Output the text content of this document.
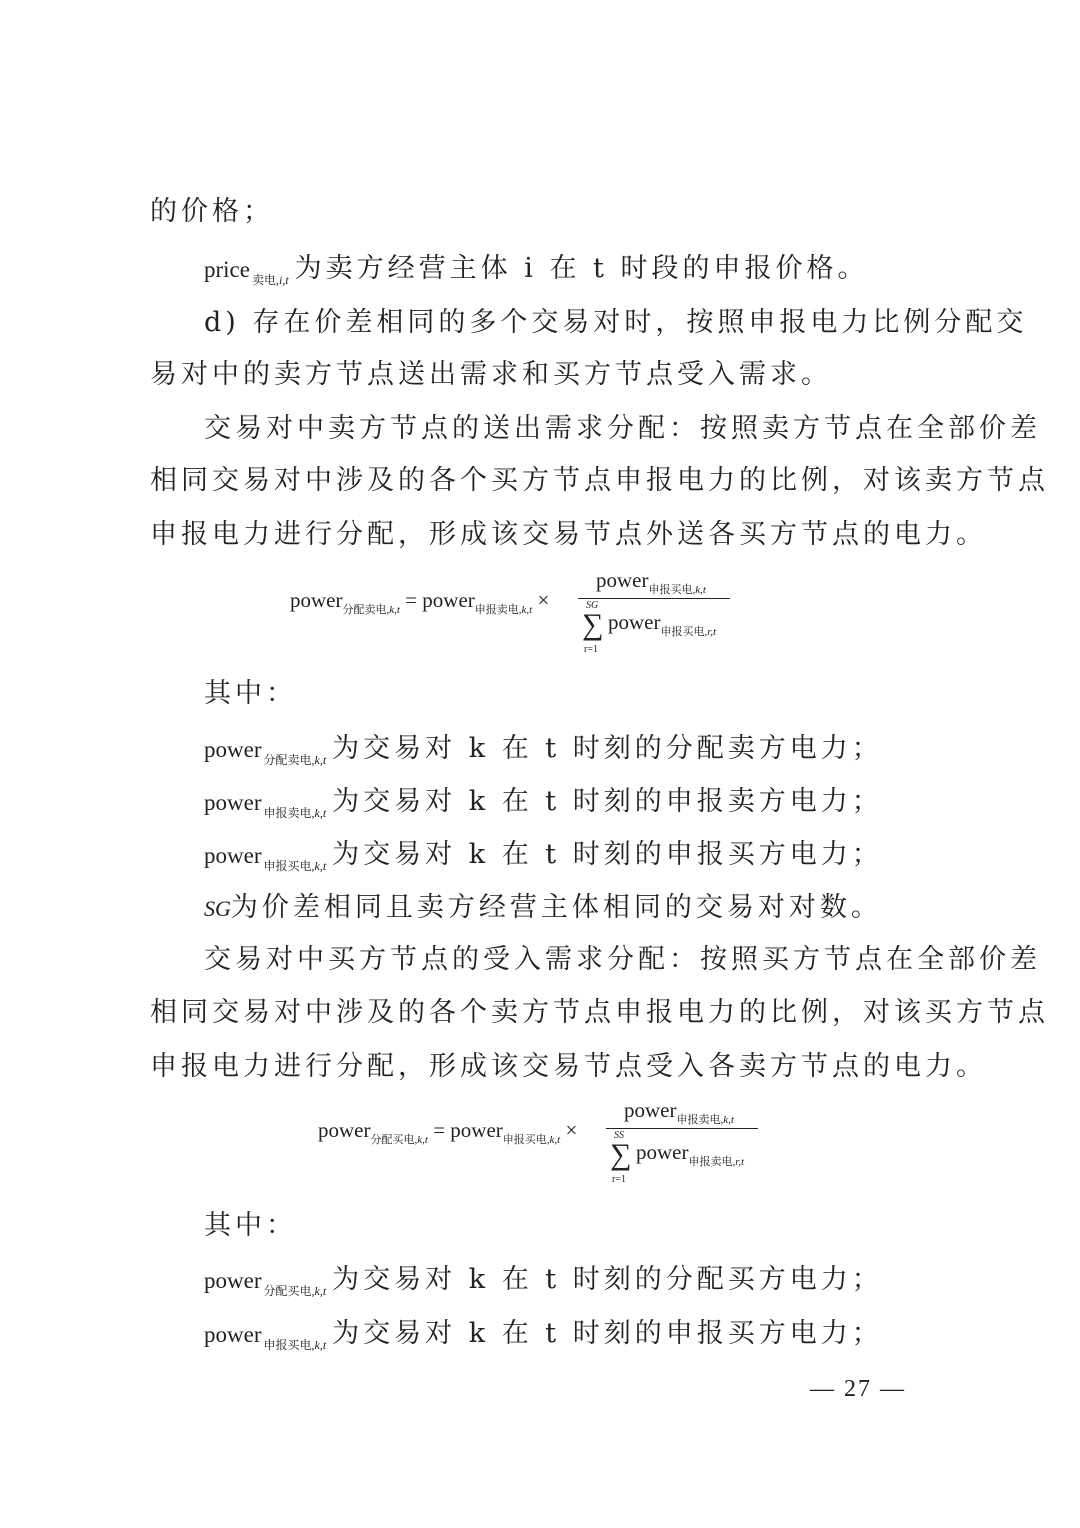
的价格；
price $_{卖电,i,t}$ 为卖方经营主体 i 在 t 时段的申报价格。
d) 存在价差相同的多个交易对时，按照申报电力比例分配交
易对中的卖方节点送出需求和买方节点受入需求。
交易对中卖方节点的送出需求分配：按照卖方节点在全部价差
相同交易对中涉及的各个买方节点申报电力的比例，对该卖方节点
申报电力进行分配，形成该交易节点外送各买方节点的电力。
power$_{分配卖电,k,t}$ = power$_{申报卖电,k,t}$ ×
power$_{申报买电,k,t}$
SG
∑
r=1
power$_{申报买电,r,t}$
其中：
power $_{分配卖电,k,t}$ 为交易对 k 在 t 时刻的分配卖方电力；
power $_{申报卖电,k,t}$ 为交易对 k 在 t 时刻的申报卖方电力；
power $_{申报买电,k,t}$ 为交易对 k 在 t 时刻的申报买方电力；
SG为价差相同且卖方经营主体相同的交易对对数。
交易对中买方节点的受入需求分配：按照买方节点在全部价差
相同交易对中涉及的各个卖方节点申报电力的比例，对该买方节点
申报电力进行分配，形成该交易节点受入各卖方节点的电力。
power$_{分配买电,k,t}$ = power$_{申报买电,k,t}$ ×
power$_{申报卖电,k,t}$
SS
∑
r=1
power$_{申报卖电,r,t}$
其中：
power $_{分配买电,k,t}$ 为交易对 k 在 t 时刻的分配买方电力；
power $_{申报买电,k,t}$ 为交易对 k 在 t 时刻的申报买方电力；
— 27 —
